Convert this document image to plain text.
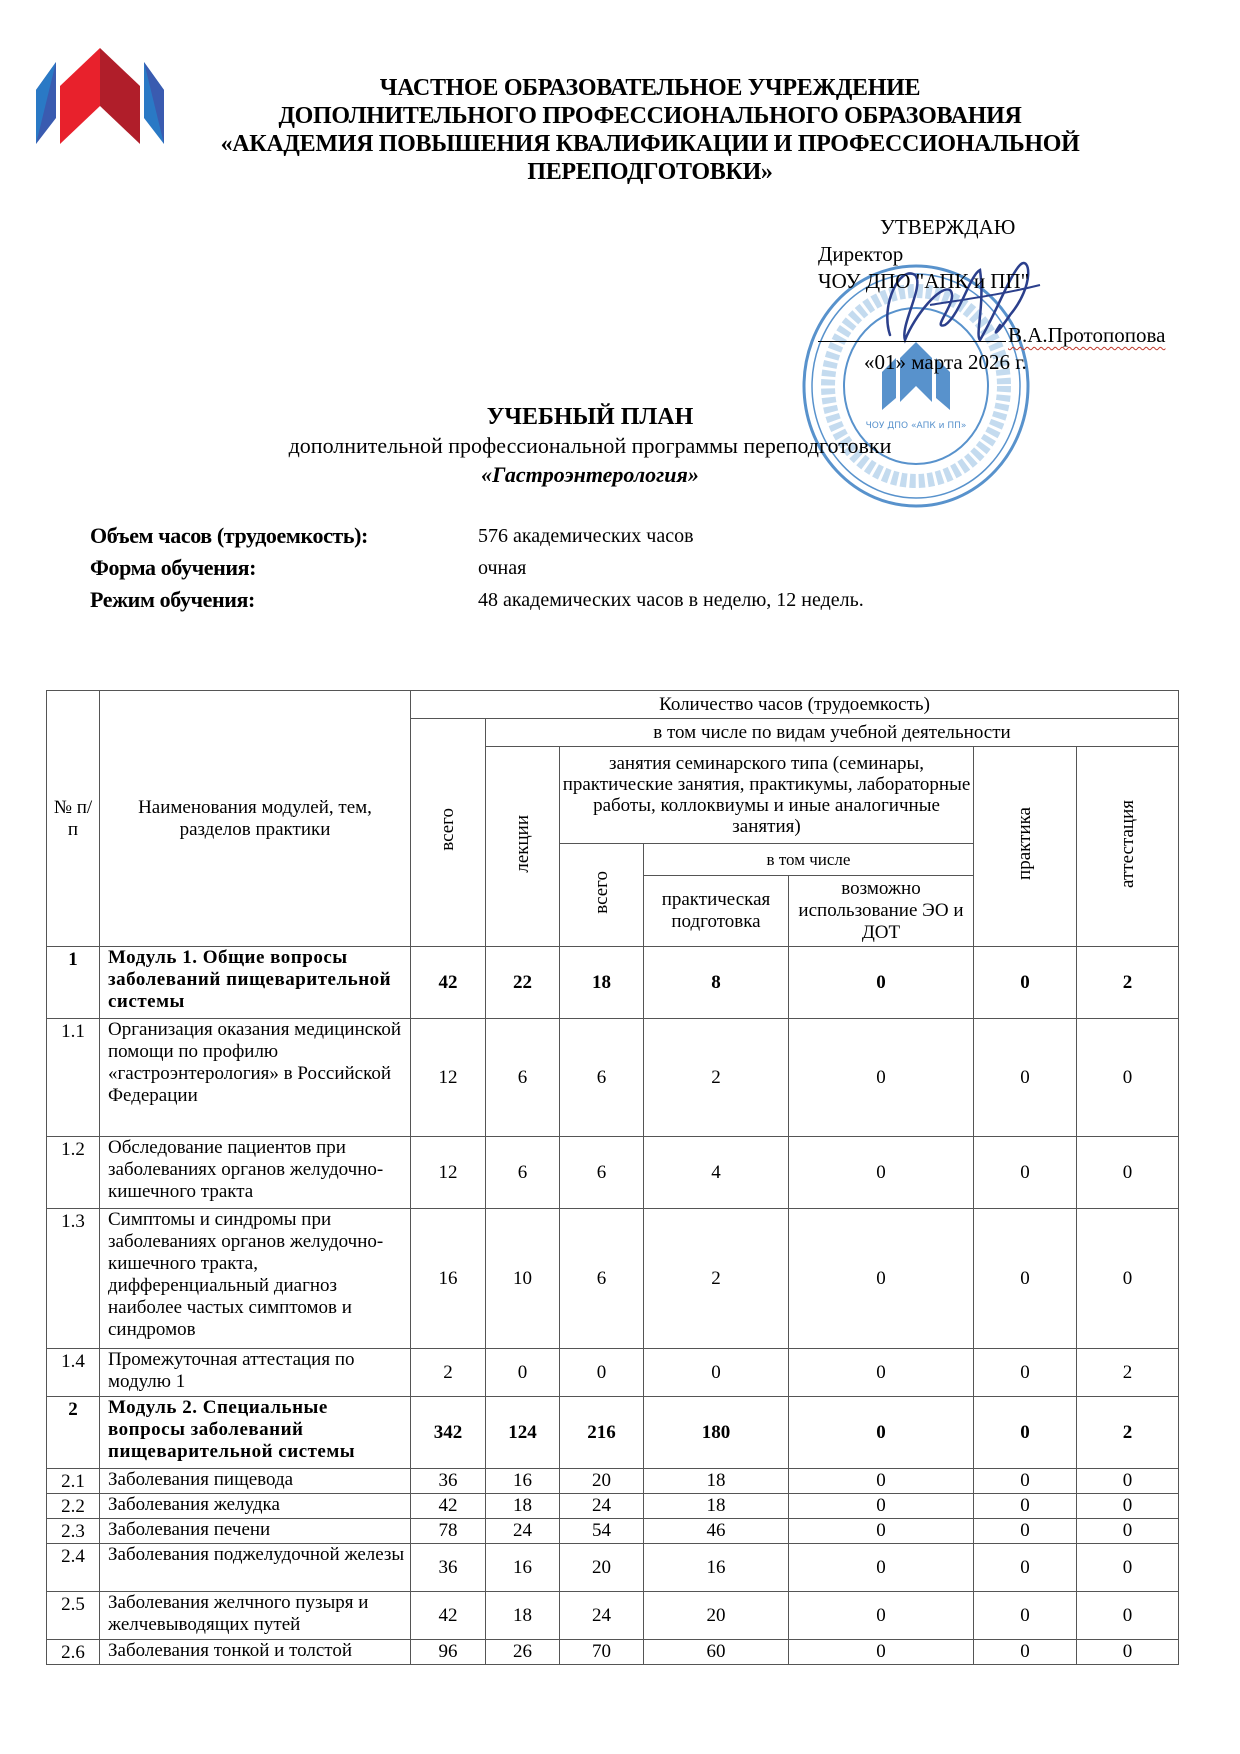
ЧАСТНОЕ ОБРАЗОВАТЕЛЬНОЕ УЧРЕЖДЕНИЕ
ДОПОЛНИТЕЛЬНОГО ПРОФЕССИОНАЛЬНОГО ОБРАЗОВАНИЯ
«АКАДЕМИЯ ПОВЫШЕНИЯ КВАЛИФИКАЦИИ И ПРОФЕССИОНАЛЬНОЙ
ПЕРЕПОДГОТОВКИ»
ЧОУ ДПО «АПК и ПП»
УТВЕРЖДАЮ
Директор
ЧОУ ДПО "АПК и ПП"
В.А.Протопопова
«01» марта 2026 г.
УЧЕБНЫЙ ПЛАН
дополнительной профессиональной программы переподготовки
«Гастроэнтерология»
Объем часов (трудоемкость):	576 академических часов
Форма обучения:	очная
Режим обучения:	48 академических часов в неделю, 12 недель.
№ п/п	Наименования модулей, тем, разделов практики	Количество часов (трудоемкость)						
		всего	в том числе по видам учебной деятельности					
			лекции	занятия семинарского типа (семинары, практические занятия, практикумы, лабораторные работы, коллоквиумы и иные аналогичные занятия)			практика	аттестация
				всего	в том числе			
					практическая подготовка	возможно использование ЭО и ДОТ		
1	Модуль 1. Общие вопросы заболеваний пищеварительной системы	42	22	18	8	0	0	2
1.1	Организация оказания медицинской помощи по профилю «гастроэнтерология» в Российской Федерации	12	6	6	2	0	0	0
1.2	Обследование пациентов при заболеваниях органов желудочно-кишечного тракта	12	6	6	4	0	0	0
1.3	Симптомы и синдромы при заболеваниях органов желудочно-кишечного тракта, дифференциальный диагноз наиболее частых симптомов и синдромов	16	10	6	2	0	0	0
1.4	Промежуточная аттестация по модулю 1	2	0	0	0	0	0	2
2	Модуль 2. Специальные вопросы заболеваний пищеварительной системы	342	124	216	180	0	0	2
2.1	Заболевания пищевода	36	16	20	18	0	0	0
2.2	Заболевания желудка	42	18	24	18	0	0	0
2.3	Заболевания печени	78	24	54	46	0	0	0
2.4	Заболевания поджелудочной железы	36	16	20	16	0	0	0
2.5	Заболевания желчного пузыря и желчевыводящих путей	42	18	24	20	0	0	0
2.6	Заболевания тонкой и толстой	96	26	70	60	0	0	0
